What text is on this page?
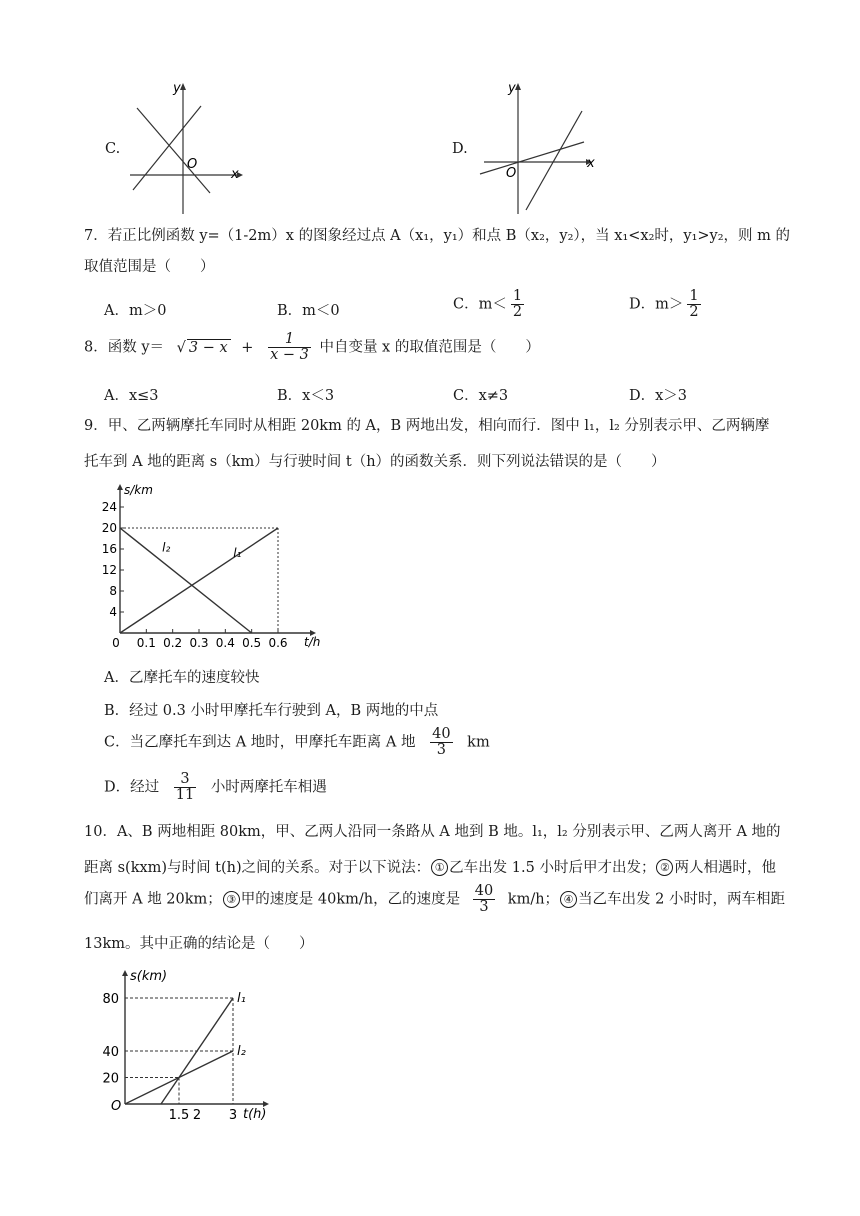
C.
y
x
O
D.
y
x
O
7．若正比例函数 y=（1-2m）x 的图象经过点 A（x₁，y₁）和点 B（x₂，y₂），当 x₁<x₂时，y₁>y₂，则 m 的
取值范围是（　　）
A．m＞0	B．m＜0	C．$m< \frac{1}{2}$	D．$m> \frac{1}{2}$
8．函数 y＝ √ $3 - x + \frac{1}{x - 3}$ 中自变量 x 的取值范围是（　　）
A．x≤3	B．x＜3	C．x≠3	D．x＞3
9．甲、乙两辆摩托车同时从相距 20km 的 A，B 两地出发，相向而行．图中 l₁，l₂ 分别表示甲、乙两辆摩
托车到 A 地的距离 s（km）与行驶时间 t（h）的函数关系．则下列说法错误的是（　　）
s/km
t/h
24
20
16
12
8
4
0 0.1 0.2 0.3 0.4 0.5 0.6
l₁
l₂
A．乙摩托车的速度较快
B．经过 0.3 小时甲摩托车行驶到 A，B 两地的中点
C．当乙摩托车到达 A 地时，甲摩托车距离 A 地 $\frac{40}{3}$ km
D．经过 $\frac{3}{11}$ 小时两摩托车相遇
10．A、B 两地相距 80km，甲、乙两人沿同一条路从 A 地到 B 地。l₁，l₂ 分别表示甲、乙两人离开 A 地的
距离 s(kxm)与时间 t(h)之间的关系。对于以下说法： ① 乙车出发 1.5 小时后甲才出发； ② 两人相遇时，他
们离开 A 地 20km； ③ 甲的速度是 40km/h，乙的速度是 $\frac{40}{3} km/h$； ④ 当乙车出发 2 小时时，两车相距
13km。其中正确的结论是（　　）
s(km)
t(h)
O
80
40
20
1.5 2 3
l₁
l₂
